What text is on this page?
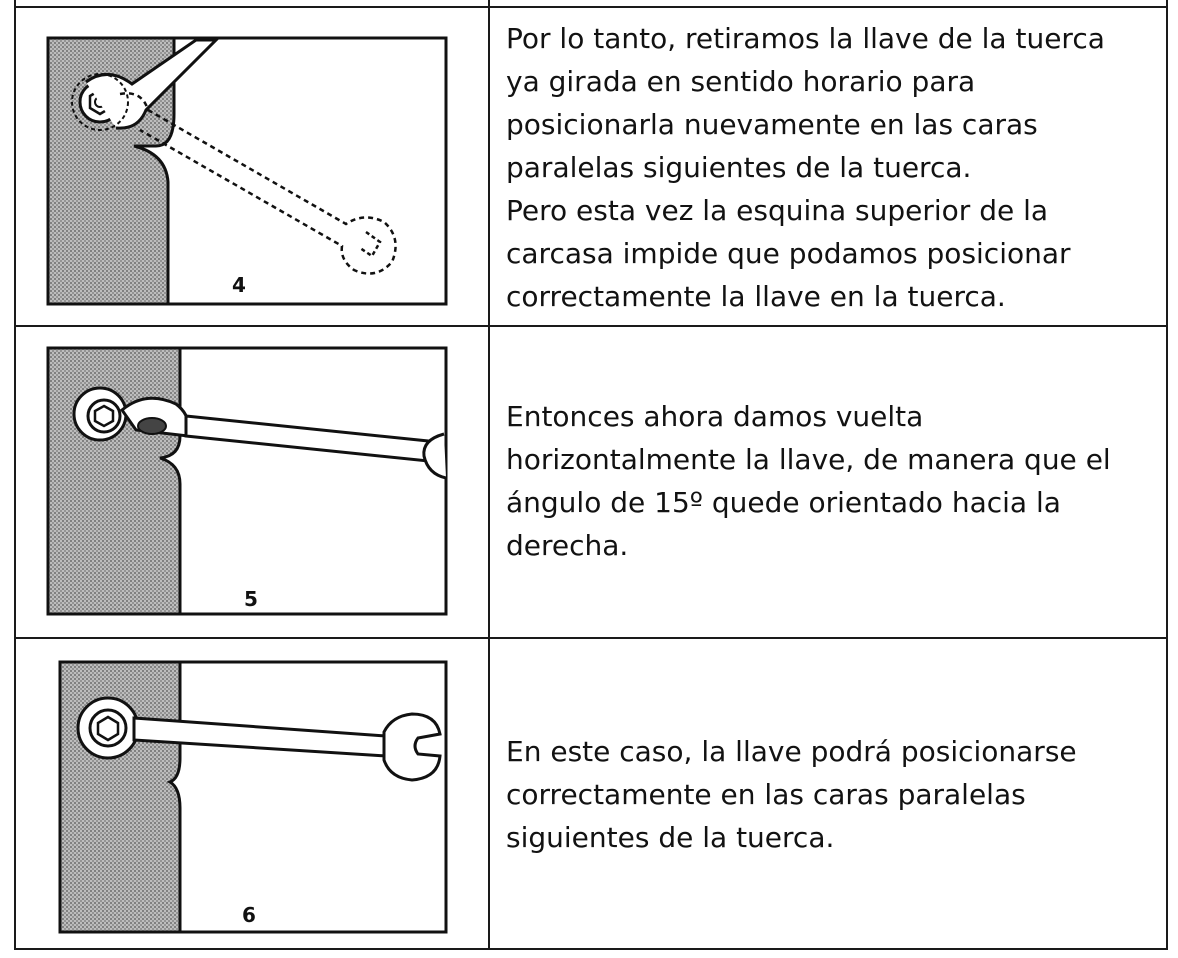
4
Por lo tanto, retiramos la llave de la tuerca
ya girada en sentido horario para
posicionarla nuevamente en las caras
paralelas siguientes de la tuerca.
Pero esta vez la esquina superior de la
carcasa impide que podamos posicionar
correctamente la llave en la tuerca.
5
Entonces ahora damos vuelta
horizontalmente la llave, de manera que el
ángulo de 15º quede orientado hacia la
derecha.
6
En este caso, la llave podrá posicionarse
correctamente en las caras paralelas
siguientes de la tuerca.
